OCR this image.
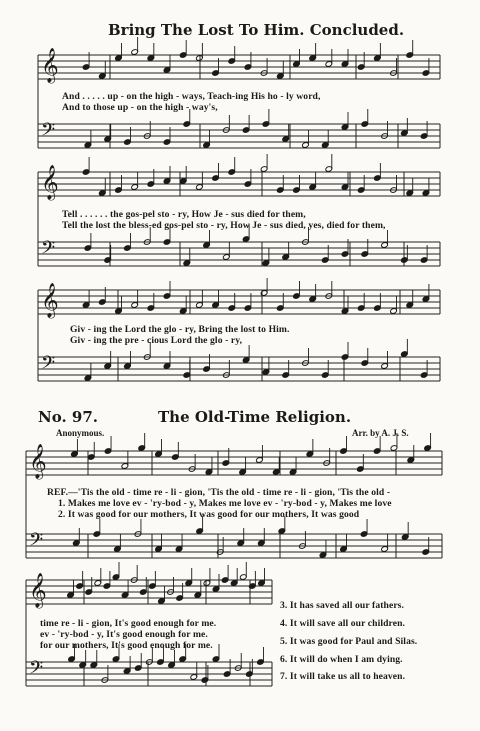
Bring The Lost To Him. Concluded.
𝄞
𝄢
𝄞
𝄢
𝄞
𝄢
𝄞
𝄢
𝄞
𝄢
And . . . . . up - on the high - ways, Teach-ing His ho - ly word,
And to those up - on the high - way's,
Tell . . . . . . the gos-pel sto - ry, How Je - sus died for them,
Tell the lost the bless-ed gos-pel sto - ry, How Je - sus died, yes, died for them,
Giv - ing the Lord the glo - ry, Bring the lost to Him.
Giv - ing the pre - cious Lord the glo - ry,
No. 97.	The Old-Time Religion.
Anonymous.	Arr. by A. J. S.
REF.—'Tis the old - time re - li - gion, 'Tis the old - time re - li - gion, 'Tis the old -
1. Makes me love ev - 'ry-bod - y, Makes me love ev - 'ry-bod - y, Makes me love
2. It was good for our mothers, It was good for our mothers, It was good
time re - li - gion, It's good enough for me.
ev - 'ry-bod - y, It's good enough for me.
for our mothers, It's good enough for me.
3. It has saved all our fathers.
4. It will save all our children.
5. It was good for Paul and Silas.
6. It will do when I am dying.
7. It will take us all to heaven.
